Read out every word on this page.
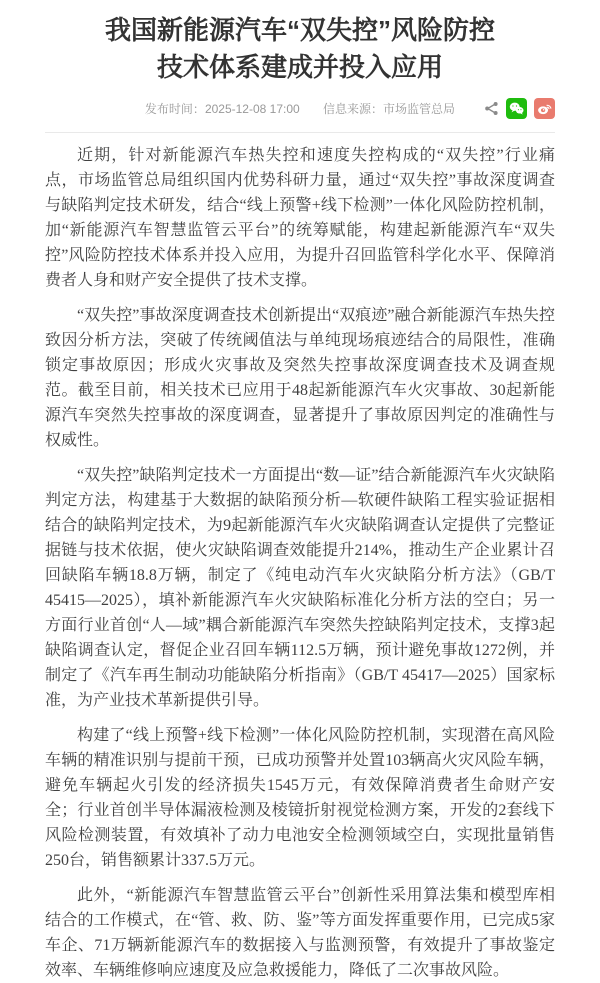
我国新能源汽车“双失控”风险防控
技术体系建成并投入应用
发布时间：2025-12-08 17:00 信息来源：市场监管总局

近期，针对新能源汽车热失控和速度失控构成的“双失控”行业痛点，市场监管总局组织国内优势科研力量，通过“双失控”事故深度调查与缺陷判定技术研发，结合“线上预警+线下检测”一体化风险防控机制，加“新能源汽车智慧监管云平台”的统筹赋能，构建起新能源汽车“双失控”风险防控技术体系并投入应用，为提升召回监管科学化水平、保障消费者人身和财产安全提供了技术支撑。

“双失控”事故深度调查技术创新提出“双痕迹”融合新能源汽车热失控致因分析方法，突破了传统阈值法与单纯现场痕迹结合的局限性，准确锁定事故原因；形成火灾事故及突然失控事故深度调查技术及调查规范。截至目前，相关技术已应用于48起新能源汽车火灾事故、30起新能源汽车突然失控事故的深度调查，显著提升了事故原因判定的准确性与权威性。

“双失控”缺陷判定技术一方面提出“数—证”结合新能源汽车火灾缺陷判定方法，构建基于大数据的缺陷预分析—软硬件缺陷工程实验证据相结合的缺陷判定技术，为9起新能源汽车火灾缺陷调查认定提供了完整证据链与技术依据，使火灾缺陷调查效能提升214%，推动生产企业累计召回缺陷车辆18.8万辆，制定了《纯电动汽车火灾缺陷分析方法》（GB/T 45415—2025），填补新能源汽车火灾缺陷标准化分析方法的空白；另一方面行业首创“人—域”耦合新能源汽车突然失控缺陷判定技术，支撑3起缺陷调查认定，督促企业召回车辆112.5万辆，预计避免事故1272例，并制定了《汽车再生制动功能缺陷分析指南》（GB/T 45417—2025）国家标准，为产业技术革新提供引导。

构建了“线上预警+线下检测”一体化风险防控机制，实现潜在高风险车辆的精准识别与提前干预，已成功预警并处置103辆高火灾风险车辆，避免车辆起火引发的经济损失1545万元，有效保障消费者生命财产安全；行业首创半导体漏液检测及棱镜折射视觉检测方案，开发的2套线下风险检测装置，有效填补了动力电池安全检测领域空白，实现批量销售250台，销售额累计337.5万元。

此外，“新能源汽车智慧监管云平台”创新性采用算法集和模型库相结合的工作模式，在“管、救、防、鉴”等方面发挥重要作用，已完成5家车企、71万辆新能源汽车的数据接入与监测预警，有效提升了事故鉴定效率、车辆维修响应速度及应急救援能力，降低了二次事故风险。
